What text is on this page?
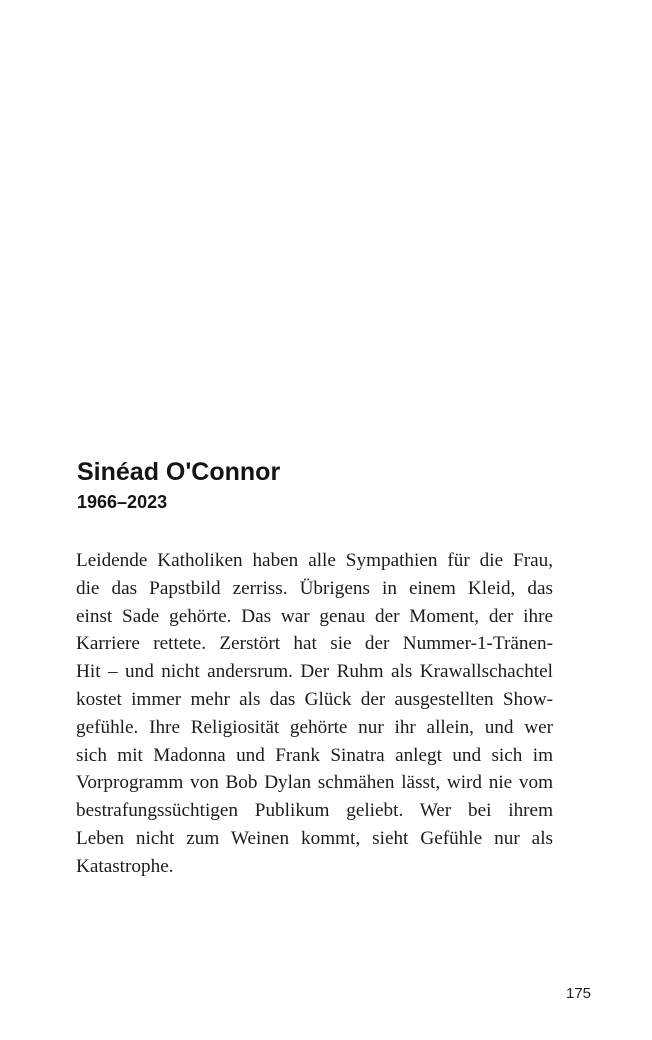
Sinéad O'Connor
1966–2023
Leidende Katholiken haben alle Sympathien für die Frau,
die das Papstbild zerriss. Übrigens in einem Kleid, das
einst Sade gehörte. Das war genau der Moment, der ihre
Karriere rettete. Zerstört hat sie der Nummer-1-Tränen-
Hit – und nicht andersrum. Der Ruhm als Krawallschachtel
kostet immer mehr als das Glück der ausgestellten Show-
gefühle. Ihre Religiosität gehörte nur ihr allein, und wer
sich mit Madonna und Frank Sinatra anlegt und sich im
Vorprogramm von Bob Dylan schmähen lässt, wird nie vom
bestrafungssüchtigen Publikum geliebt. Wer bei ihrem
Leben nicht zum Weinen kommt, sieht Gefühle nur als
Katastrophe.
175
